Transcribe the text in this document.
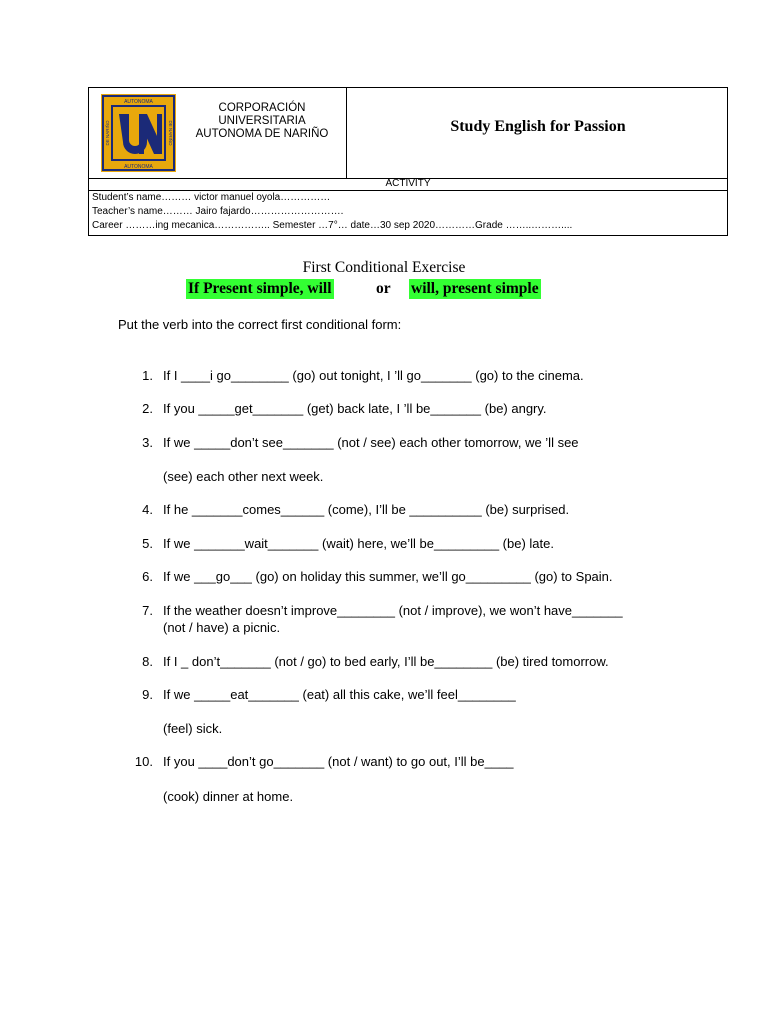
AUTONOMA
AUTONOMA
DE NARIÑO	DE NARIÑO
CORPORACIÓN
UNIVERSITARIA
AUTONOMA DE NARIÑO	Study English for Passion
ACTIVITY
Student’s name……… victor manuel oyola……………
Teacher’s name……… Jairo fajardo……………………….
Career ………ing mecanica…………….. Semester …7°… date…30 sep 2020…………Grade ……..………....
First Conditional Exercise
If Present simple, will	or will, present simple
Put the verb into the correct first conditional form:
1. If I ____i go________ (go) out tonight, I ’ll go_______ (go) to the cinema.
2. If you _____get_______ (get) back late, I ’ll be_______ (be) angry.
3. If we _____don’t see_______ (not / see) each other tomorrow, we ’ll see
(see) each other next week.
4. If he _______comes______ (come), I’ll be __________ (be) surprised.
5. If we _______wait_______ (wait) here, we’ll be_________ (be) late.
6. If we ___go___ (go) on holiday this summer, we’ll go_________ (go) to Spain.
7. If the weather doesn’t improve________ (not / improve), we won’t have_______
(not / have) a picnic.
8. If I _ don’t_______ (not / go) to bed early, I’ll be________ (be) tired tomorrow.
9. If we _____eat_______ (eat) all this cake, we’ll feel________
(feel) sick.
10. If you ____don’t go_______ (not / want) to go out, I’ll be____
(cook) dinner at home.
